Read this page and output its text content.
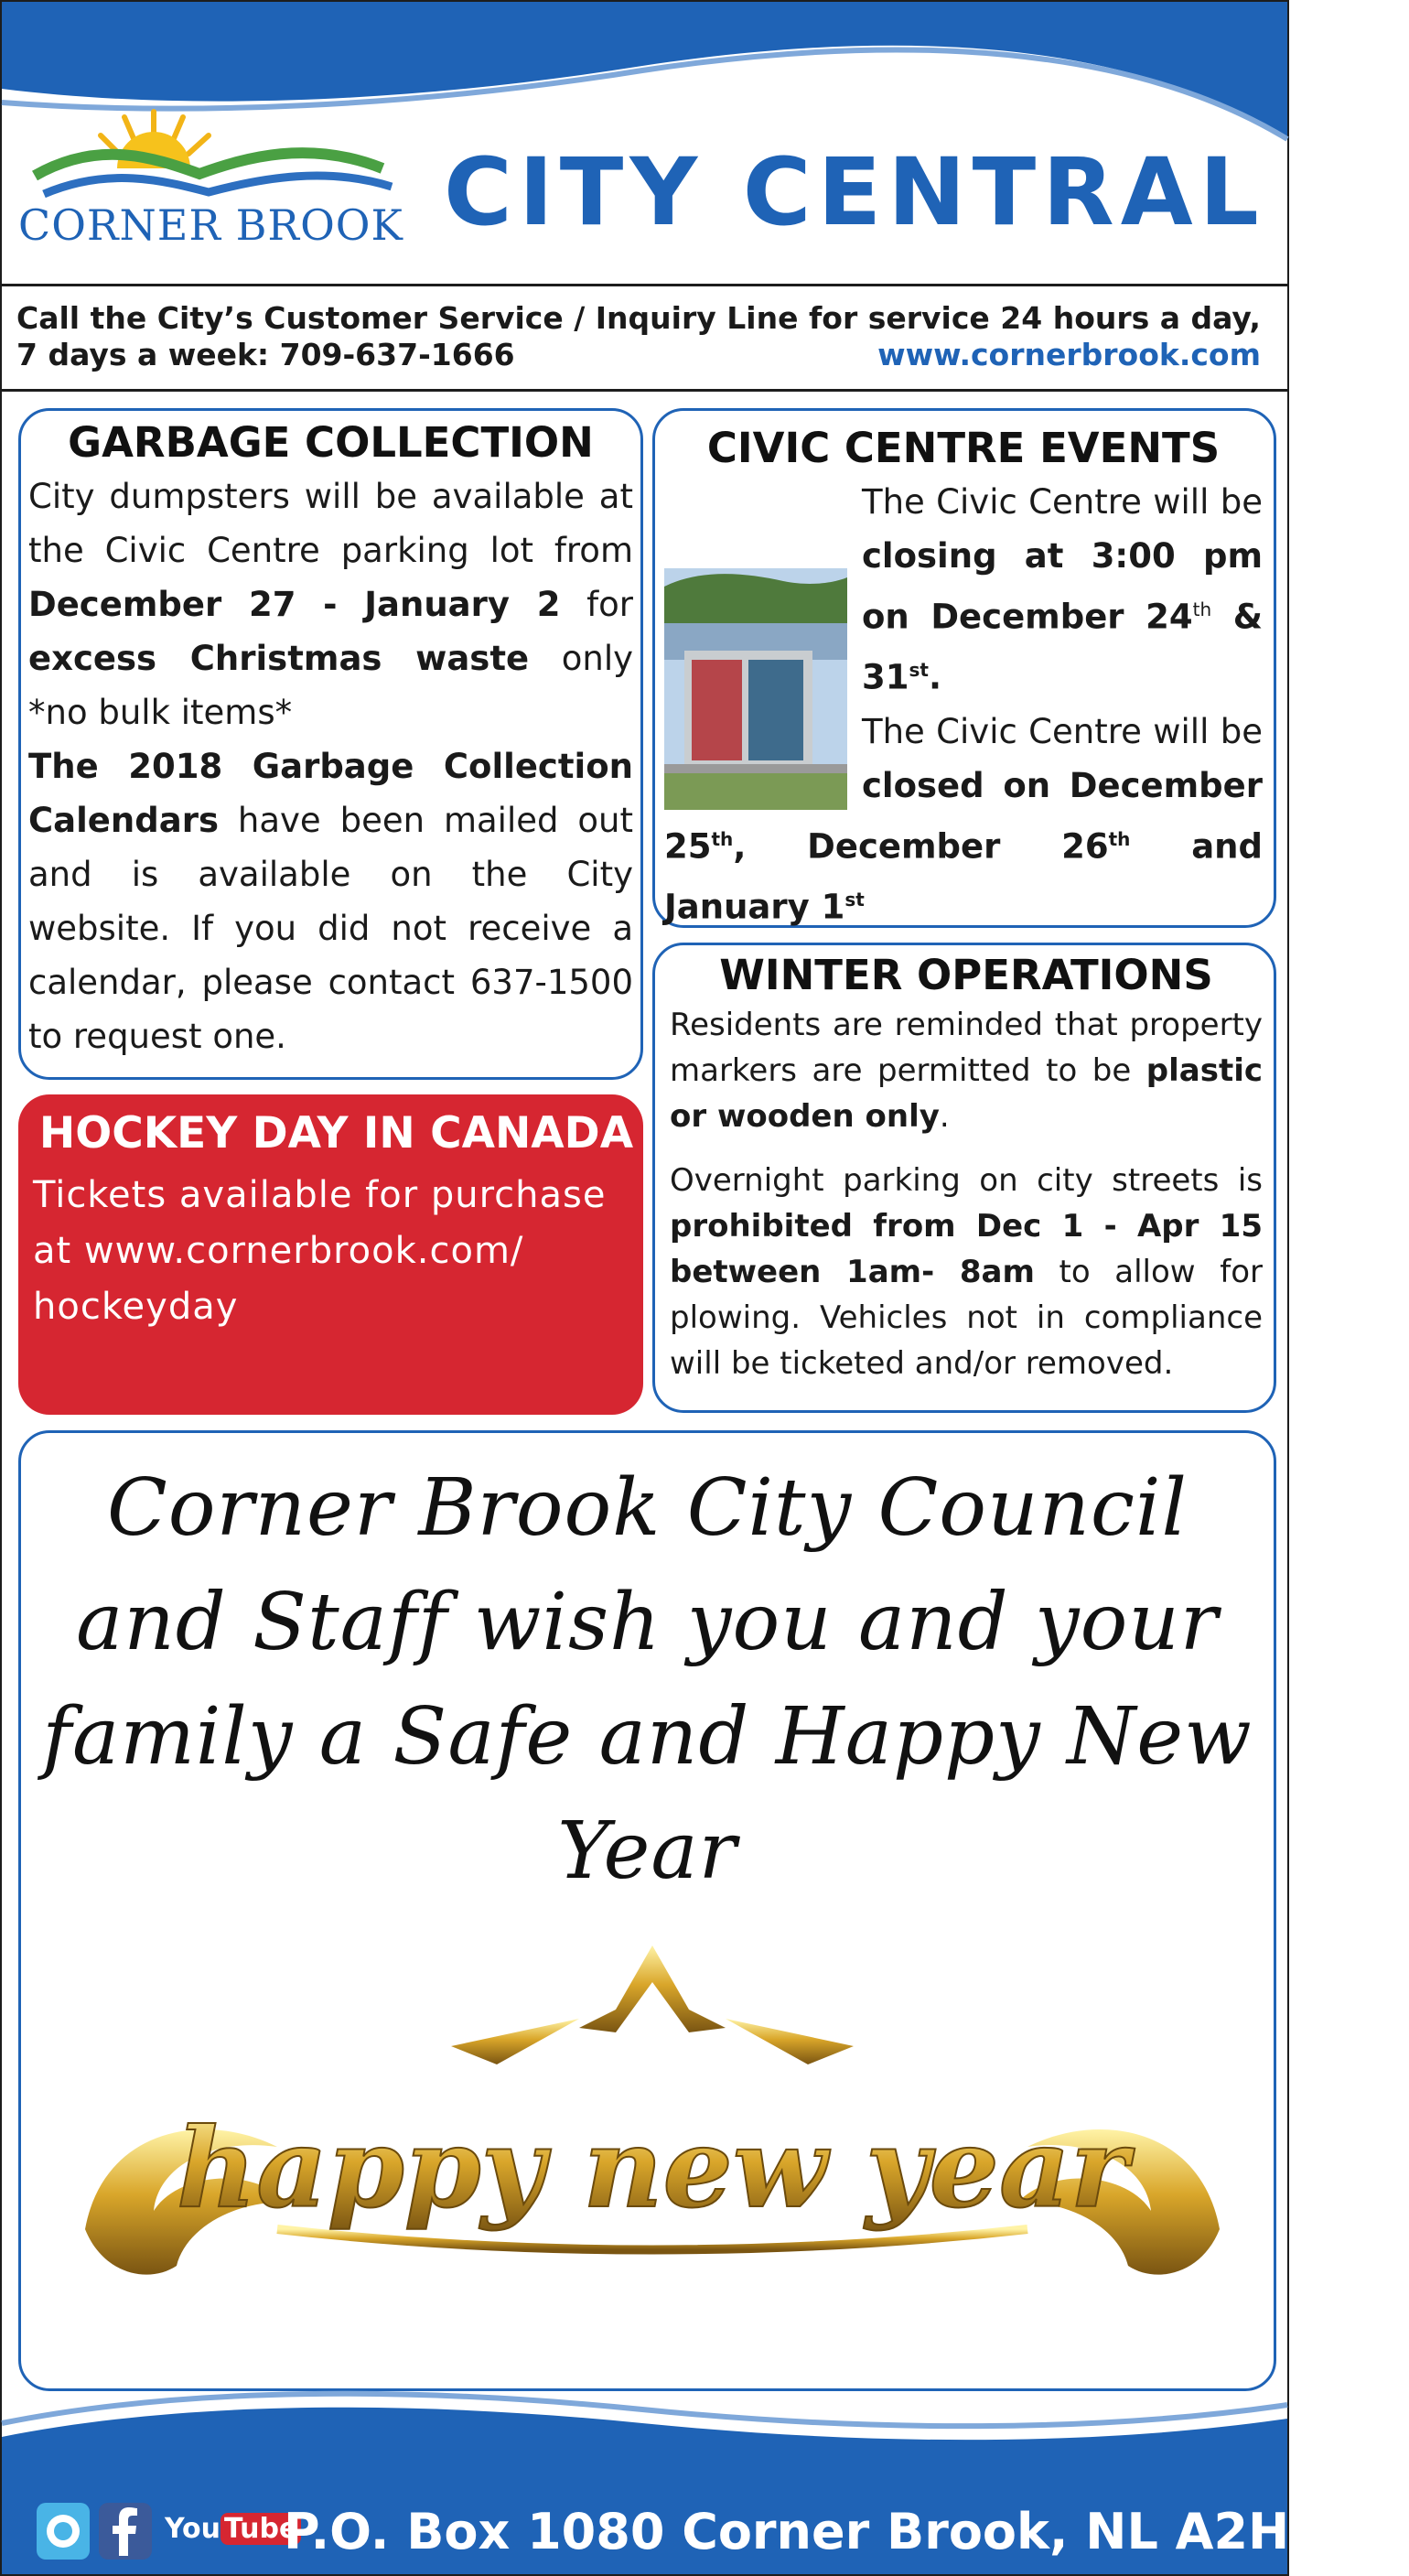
CORNER BROOK CITY CENTRAL
Call the City’s Customer Service / Inquiry Line for service 24 hours a day,
7 days a week: 709-637-1666	www.cornerbrook.com
GARBAGE COLLECTION
City dumpsters will be available at the Civic Centre parking lot from December 27 - January 2 for excess Christmas waste only *no bulk items*
The 2018 Garbage Collection Calendars have been mailed out and is available on the City website. If you did not receive a calendar, please contact 637-1500 to request one.
CIVIC CENTRE EVENTS
The Civic Centre will be closing at 3:00 pm on December 24th & 31st.
The Civic Centre will be closed on December 25th, December 26th and January 1st
WINTER OPERATIONS

Residents are reminded that property markers are permitted to be plastic or wooden only.

Overnight parking on city streets is prohibited from Dec 1 - Apr 15 between 1am- 8am to allow for plowing. Vehicles not in compliance will be ticketed and/or removed.

HOCKEY DAY IN CANADA
Tickets available for purchase at www.cornerbrook.com/ hockeyday
Corner Brook City Council and Staff wish you and your family a Safe and Happy New Year
happy new year
You Tube
P.O. Box 1080 Corner Brook, NL A2H 6E1
